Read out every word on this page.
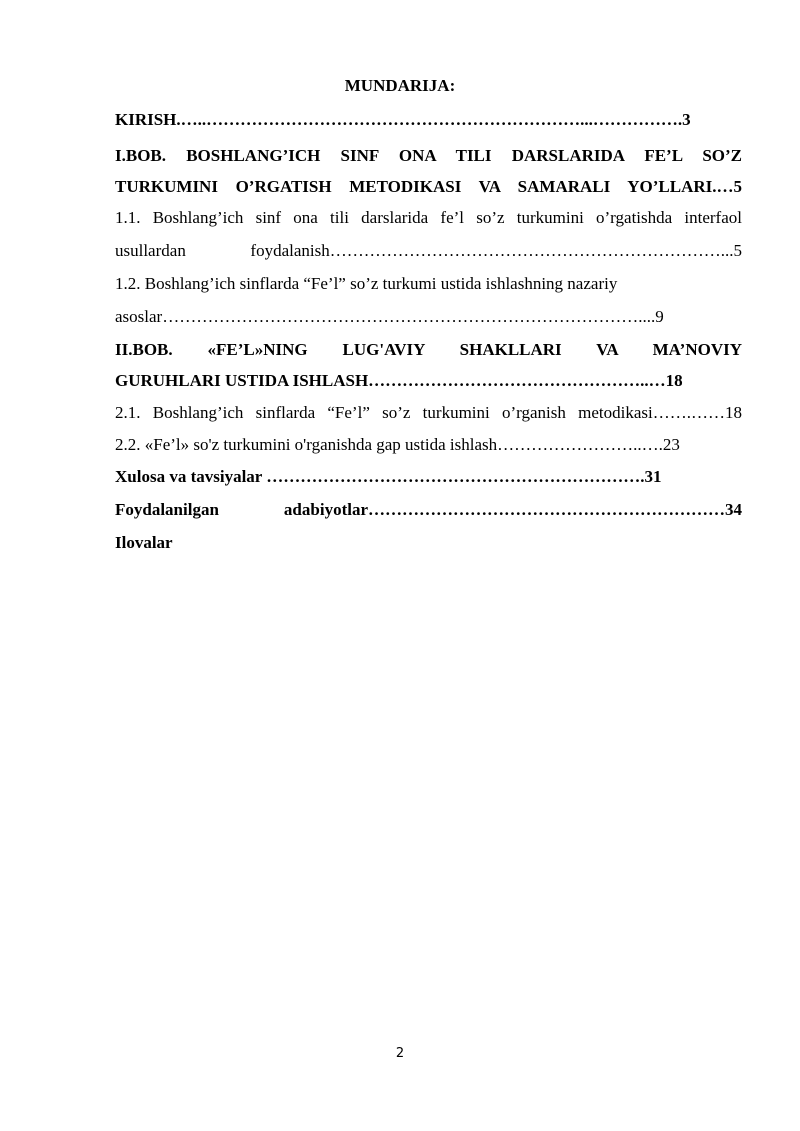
MUNDARIJA:
KIRISH.…..…………………………………………………………...…………….3
I.BOB. BOSHLANG’ICH SINF ONA TILI DARSLARIDA FE’L SO’Z
TURKUMINI O’RGATISH METODIKASI VA SAMARALI YO’LLARI.…5
1.1. Boshlang’ich sinf ona tili darslarida fe’l so’z turkumini o’rgatishda interfaol
usullardan foydalanish……………………………………………………………...5
1.2. Boshlang’ich sinflarda “Fe’l” so’z turkumi ustida ishlashning nazariy
asoslar…………………………………………………………………………....9
II.BOB. «FE’L»NING LUG'AVIY SHAKLLARI VA MA’NOVIY
GURUHLARI USTIDA ISHLASH…………………………………………..…18
2.1. Boshlang’ich sinflarda “Fe’l” so’z turkumini o’rganish metodikasi…….……18
2.2. «Fe’l» so'z turkumini o'rganishda gap ustida ishlash……………………..….23
Xulosa va tavsiyalar ………………………………………………………….31
Foydalanilgan adabiyotlar………………………………………………………34
Ilovalar
2
